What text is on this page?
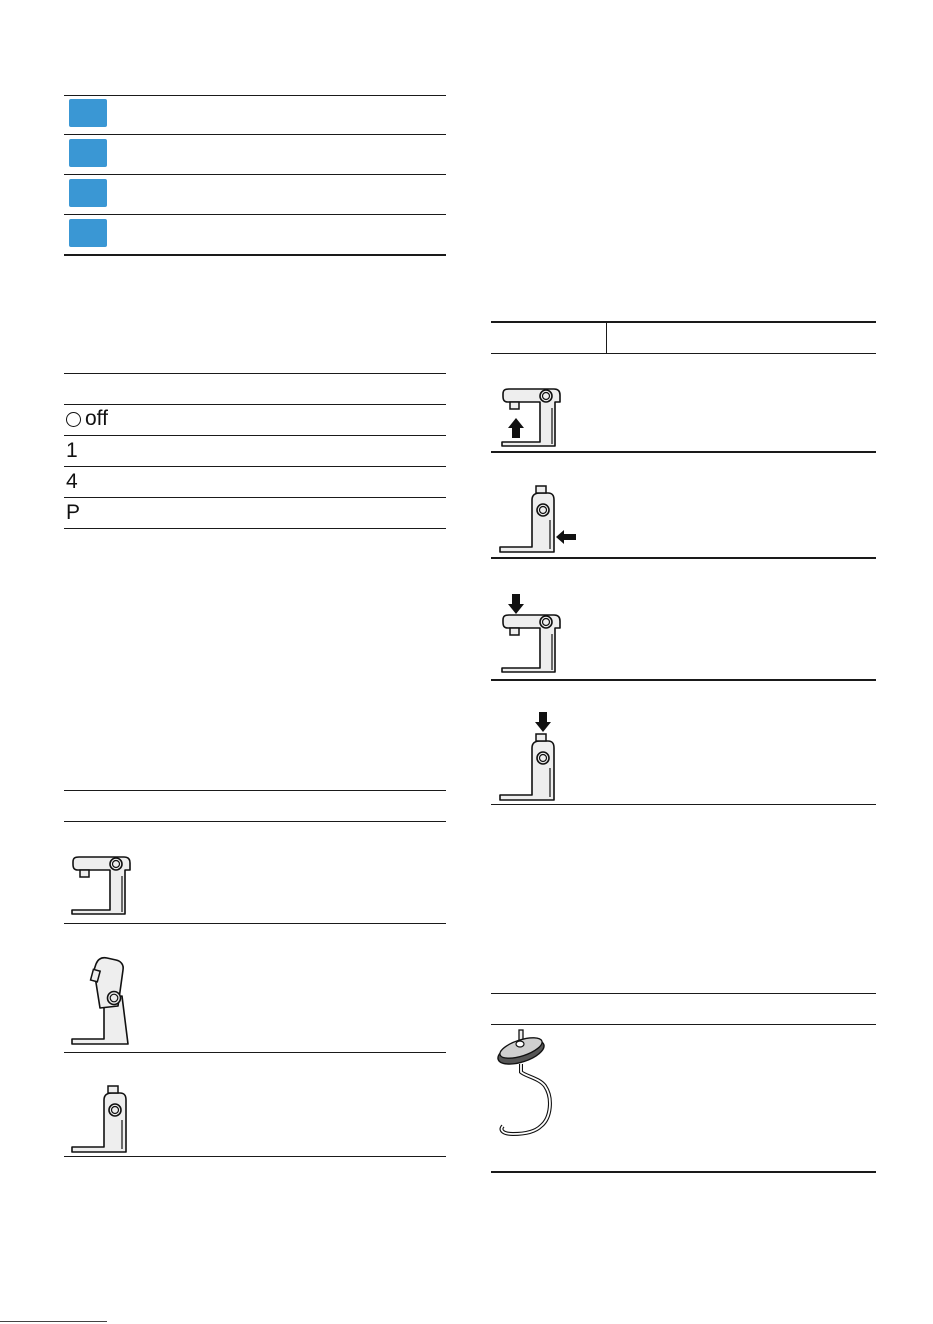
off
1
4
P
